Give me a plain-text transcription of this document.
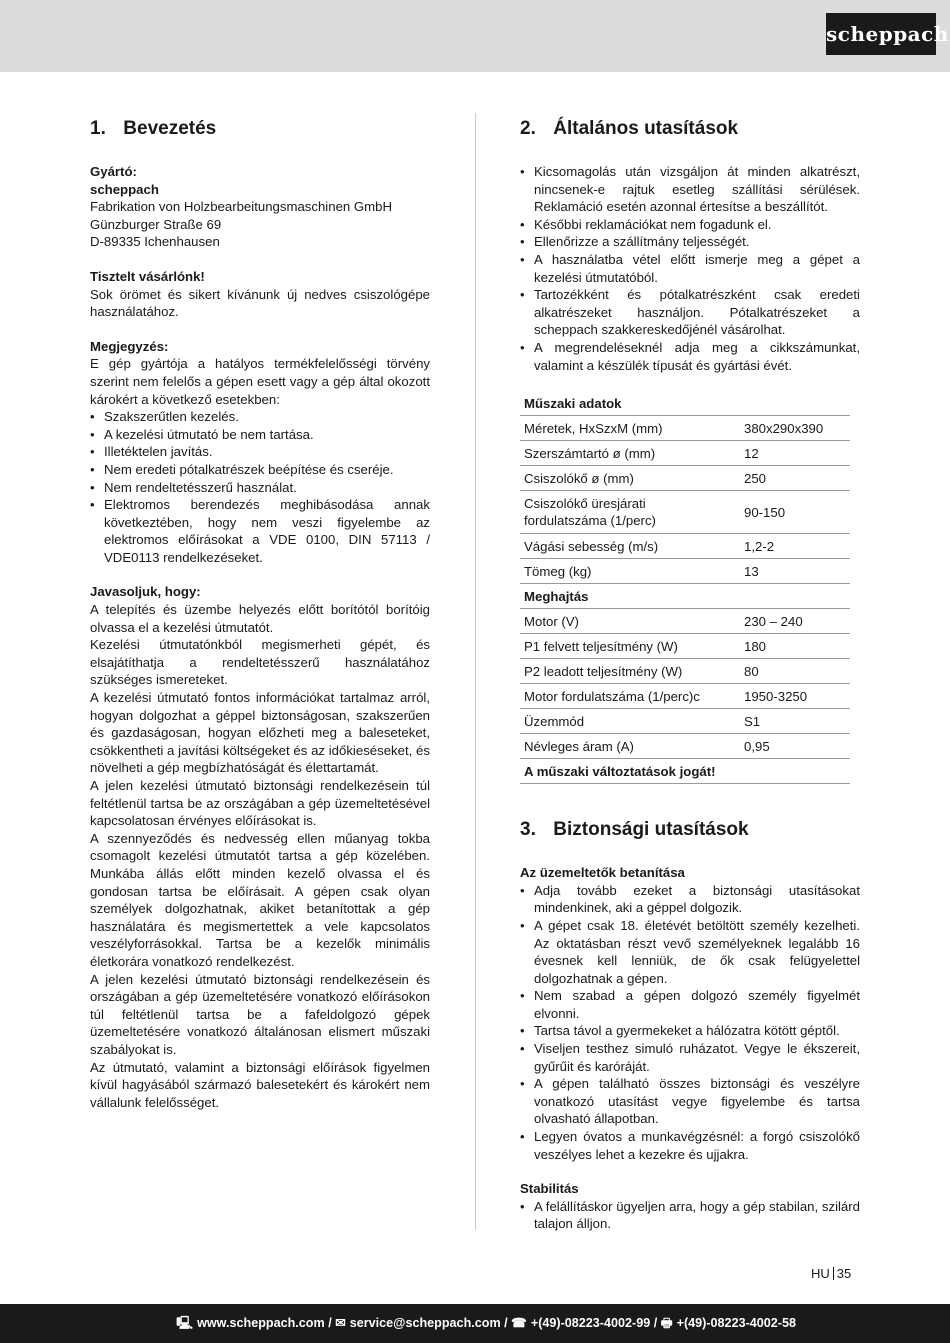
scheppach
1. Bevezetés
Gyártó:
scheppach

Fabrikation von Holzbearbeitungsmaschinen GmbH

Günzburger Straße 69

D-89335 Ichenhausen

Tisztelt vásárlónk!

Sok örömet és sikert kívánunk új nedves csiszológépe használatához.

Megjegyzés:

E gép gyártója a hatályos termékfelelősségi törvény szerint nem felelős a gépen esett vagy a gép által okozott károkért a következő esetekben:

• Szakszerűtlen kezelés.
• A kezelési útmutató be nem tartása.
• Illetéktelen javítás.
• Nem eredeti pótalkatrészek beépítése és cseréje.
• Nem rendeltetésszerű használat.
• Elektromos berendezés meghibásodása annak következtében, hogy nem veszi figyelembe az elektromos előírásokat a VDE 0100, DIN 57113 / VDE0113 rendelkezéseket.
Javasoljuk, hogy:

A telepítés és üzembe helyezés előtt borítótól borítóig olvassa el a kezelési útmutatót.

Kezelési útmutatónkból megismerheti gépét, és elsajátíthatja a rendeltetésszerű használatához szükséges ismereteket.

A kezelési útmutató fontos információkat tartalmaz arról, hogyan dolgozhat a géppel biztonságosan, szakszerűen és gazdaságosan, hogyan előzheti meg a baleseteket, csökkentheti a javítási költségeket és az időkieséseket, és növelheti a gép megbízhatóságát és élettartamát.

A jelen kezelési útmutató biztonsági rendelkezésein túl feltétlenül tartsa be az országában a gép üzemeltetésével kapcsolatosan érvényes előírásokat is.

A szennyeződés és nedvesség ellen műanyag tokba csomagolt kezelési útmutatót tartsa a gép közelében. Munkába állás előtt minden kezelő olvassa el és gondosan tartsa be előírásait. A gépen csak olyan személyek dolgozhatnak, akiket betanítottak a gép használatára és megismertettek a vele kapcsolatos veszélyforrásokkal. Tartsa be a kezelők minimális életkorára vonatkozó rendelkezést.

A jelen kezelési útmutató biztonsági rendelkezésein és országában a gép üzemeltetésére vonatkozó előírásokon túl feltétlenül tartsa be a fafeldolgozó gépek üzemeltetésére vonatkozó általánosan elismert műszaki szabályokat is.

Az útmutató, valamint a biztonsági előírások figyelmen kívül hagyásából származó balesetekért és károkért nem vállalunk felelősséget.

2. Általános utasítások
• Kicsomagolás után vizsgáljon át minden alkatrészt, nincsenek-e rajtuk esetleg szállítási sérülések. Reklamáció esetén azonnal értesítse a beszállítót.
• Későbbi reklamációkat nem fogadunk el.
• Ellenőrizze a szállítmány teljességét.
• A használatba vétel előtt ismerje meg a gépet a kezelési útmutatóból.
• Tartozékként és pótalkatrészként csak eredeti alkatrészeket használjon. Pótalkatrészeket a scheppach szakkereskedőjénél vásárolhat.
• A megrendeléseknél adja meg a cikkszámunkat, valamint a készülék típusát és gyártási évét.
Műszaki adatok	
Méretek, HxSzxM (mm)	380x290x390
Szerszámtartó ø (mm)	12
Csiszolókő ø (mm)	250
Csiszolókő üresjárati
fordulatszáma (1/perc)	90-150
Vágási sebesség (m/s)	1,2-2
Tömeg (kg)	13
Meghajtás	
Motor (V)	230 – 240
P1 felvett teljesítmény (W)	180
P2 leadott teljesítmény (W)	80
Motor fordulatszáma (1/perc)c	1950-3250
Üzemmód	S1
Névleges áram (A)	0,95
A műszaki változtatások jogát!	
3. Biztonsági utasítások
Az üzemeltetők betanítása
• Adja tovább ezeket a biztonsági utasításokat mindenkinek, aki a géppel dolgozik.
• A gépet csak 18. életévét betöltött személy kezelheti. Az oktatásban részt vevő személyeknek legalább 16 évesnek kell lenniük, de ők csak felügyelettel dolgozhatnak a gépen.
• Nem szabad a gépen dolgozó személy figyelmét elvonni.
• Tartsa távol a gyermekeket a hálózatra kötött géptől.
• Viseljen testhez simuló ruházatot. Vegye le ékszereit, gyűrűit és karóráját.
• A gépen található összes biztonsági és veszélyre vonatkozó utasítást vegye figyelembe és tartsa olvasható állapotban.
• Legyen óvatos a munkavégzésnél: a forgó csiszolókő veszélyes lehet a kezekre és ujjakra.
Stabilitás
• A felállításkor ügyeljen arra, hogy a gép stabilan, szilárd talajon álljon.
HU 35
🖳 www.scheppach.com / ✉ service@scheppach.com / ☎ +(49)-08223-4002-99 / 🖶 +(49)-08223-4002-58
